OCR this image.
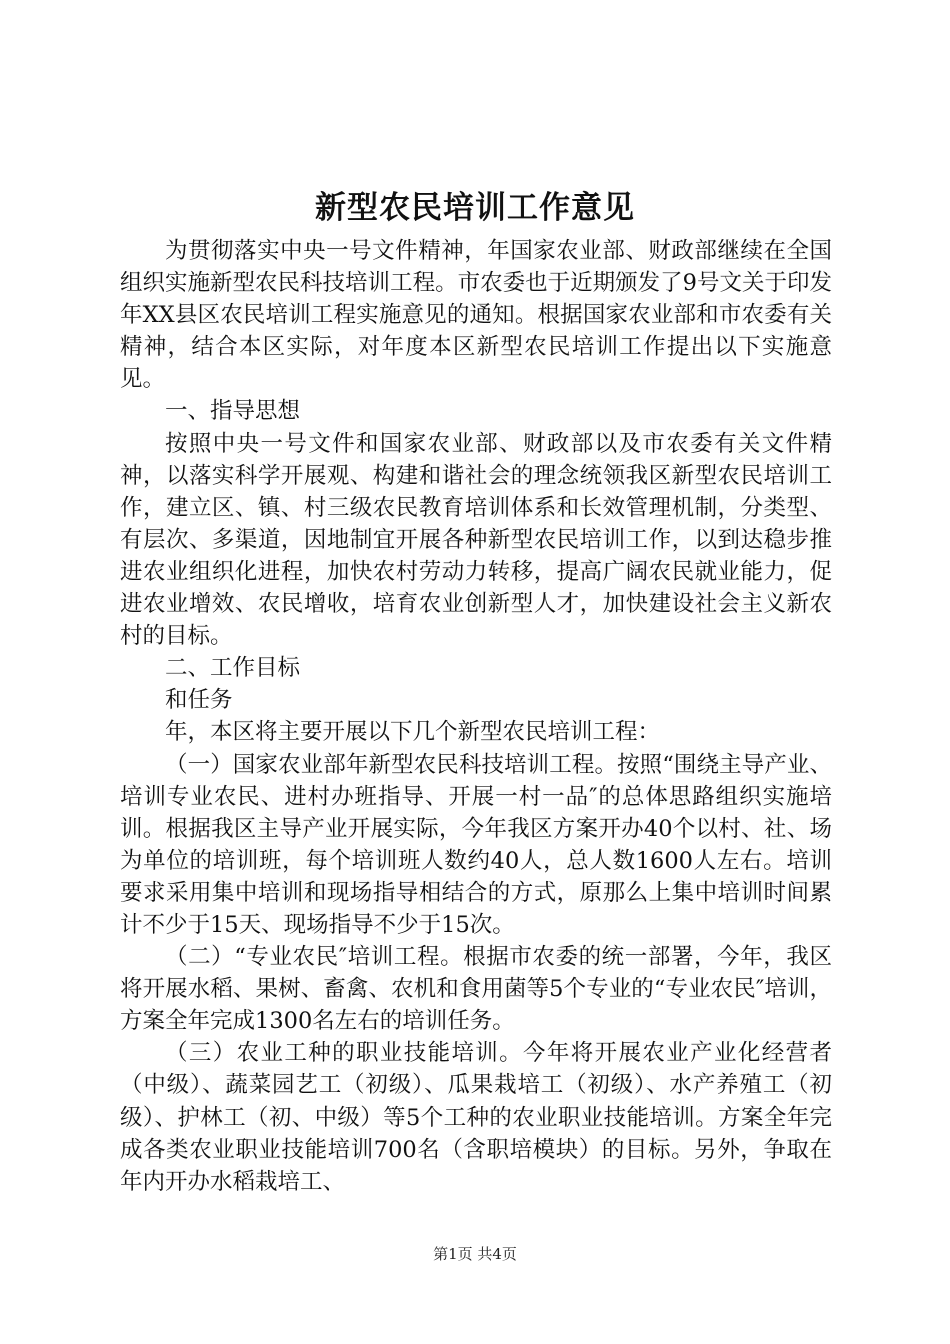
新型农民培训工作意见

为贯彻落实中央一号文件精神，年国家农业部、财政部继续在全国组织实施新型农民科技培训工程。市农委也于近期颁发了9号文关于印发年XX县区农民培训工程实施意见的通知。根据国家农业部和市农委有关精神，结合本区实际，对年度本区新型农民培训工作提出以下实施意见。

一、指导思想

按照中央一号文件和国家农业部、财政部以及市农委有关文件精神，以落实科学开展观、构建和谐社会的理念统领我区新型农民培训工作，建立区、镇、村三级农民教育培训体系和长效管理机制，分类型、有层次、多渠道，因地制宜开展各种新型农民培训工作，以到达稳步推进农业组织化进程，加快农村劳动力转移，提高广阔农民就业能力，促进农业增效、农民增收，培育农业创新型人才，加快建设社会主义新农村的目标。

二、工作目标

和任务

年，本区将主要开展以下几个新型农民培训工程：

（一）国家农业部年新型农民科技培训工程。按照“围绕主导产业、培训专业农民、进村办班指导、开展一村一品″的总体思路组织实施培训。根据我区主导产业开展实际，今年我区方案开办40个以村、社、场为单位的培训班，每个培训班人数约40人，总人数1600人左右。培训要求采用集中培训和现场指导相结合的方式，原那么上集中培训时间累计不少于15天、现场指导不少于15次。

（二）“专业农民″培训工程。根据市农委的统一部署，今年，我区将开展水稻、果树、畜禽、农机和食用菌等5个专业的“专业农民″培训，方案全年完成1300名左右的培训任务。

（三）农业工种的职业技能培训。今年将开展农业产业化经营者（中级）、蔬菜园艺工（初级）、瓜果栽培工（初级）、水产养殖工（初级）、护林工（初、中级）等5个工种的农业职业技能培训。方案全年完成各类农业职业技能培训700名（含职培模块）的目标。另外，争取在年内开办水稻栽培工、

第1页 共4页
